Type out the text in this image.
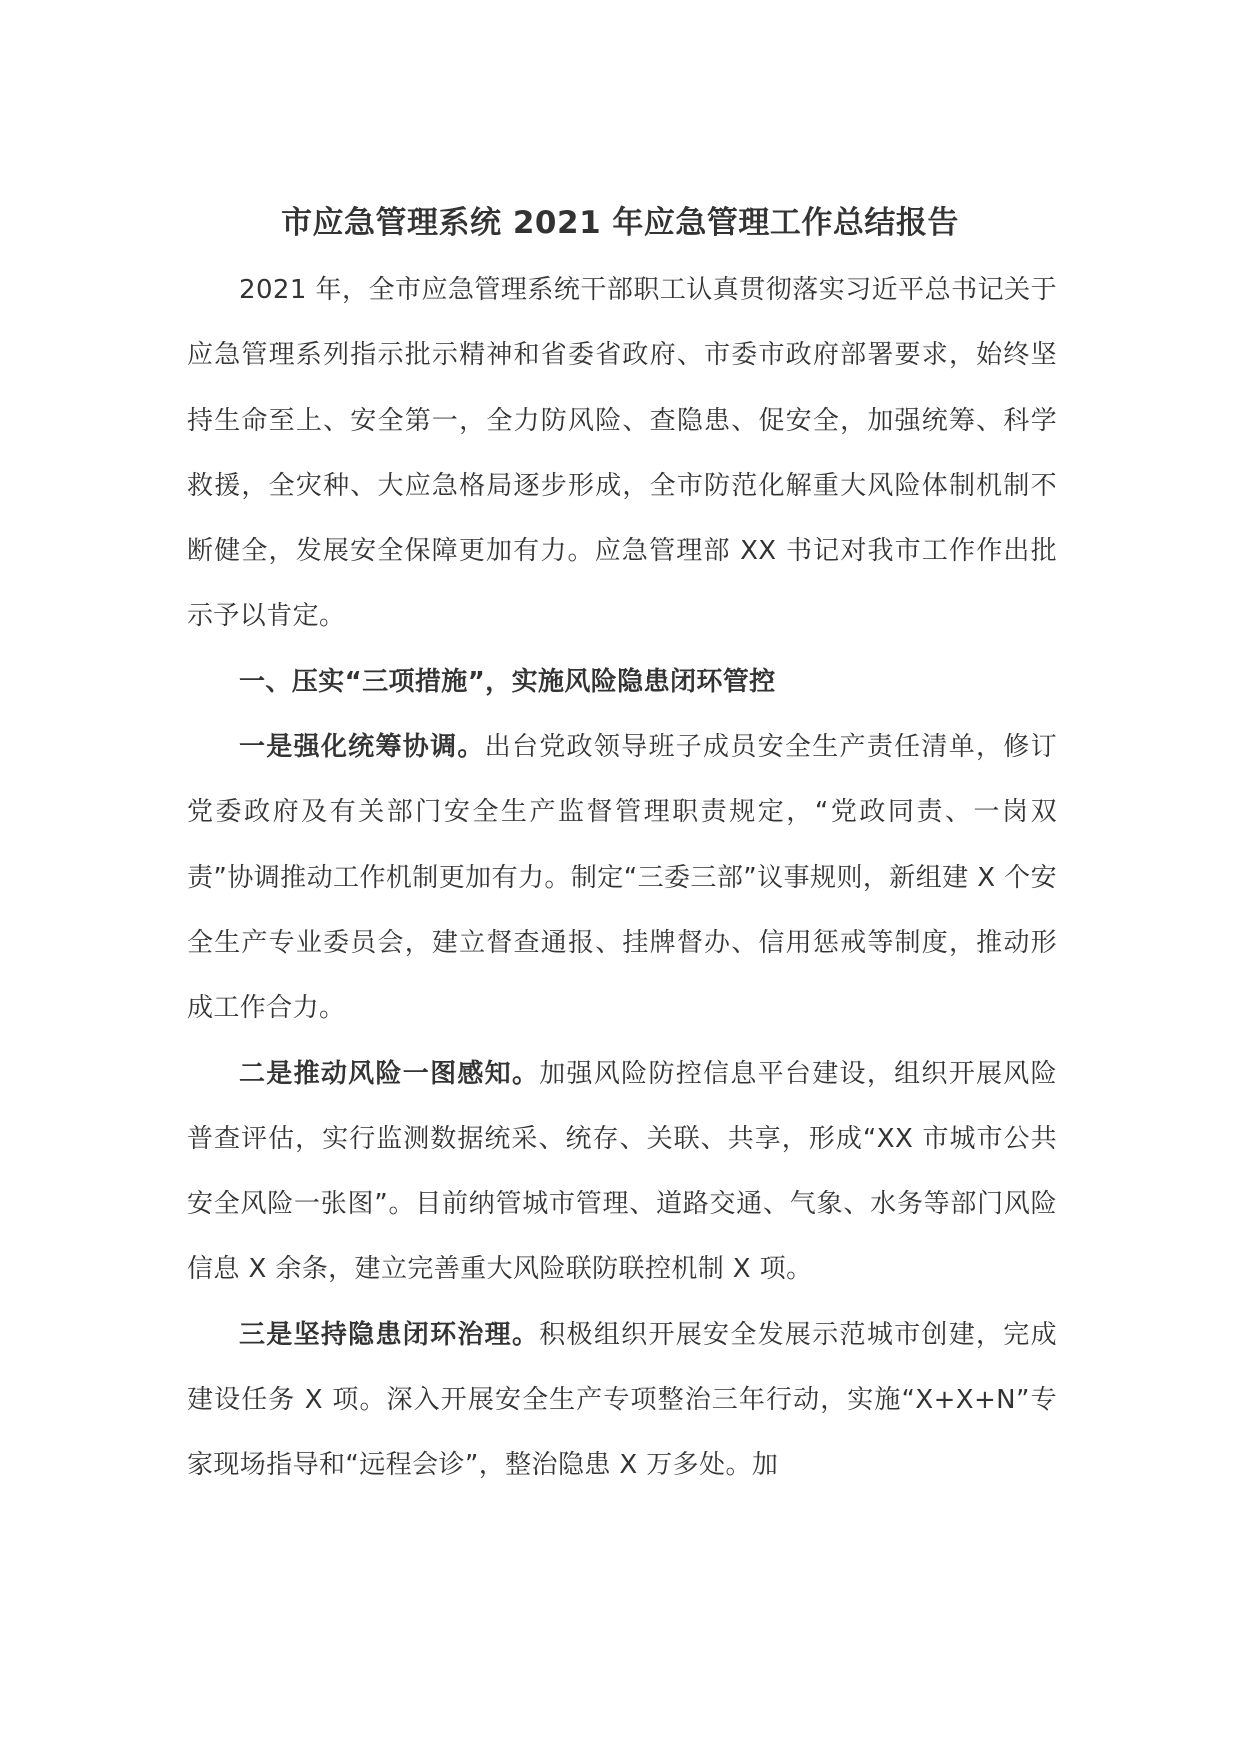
市应急管理系统 2021 年应急管理工作总结报告

2021 年，全市应急管理系统干部职工认真贯彻落实习近平总书记关于应急管理系列指示批示精神和省委省政府、市委市政府部署要求，始终坚持生命至上、安全第一，全力防风险、查隐患、促安全，加强统筹、科学救援，全灾种、大应急格局逐步形成，全市防范化解重大风险体制机制不断健全，发展安全保障更加有力。应急管理部 XX 书记对我市工作作出批示予以肯定。

一、压实“三项措施”，实施风险隐患闭环管控

一是强化统筹协调。出台党政领导班子成员安全生产责任清单，修订党委政府及有关部门安全生产监督管理职责规定，“党政同责、一岗双责”协调推动工作机制更加有力。制定“三委三部”议事规则，新组建 X 个安全生产专业委员会，建立督查通报、挂牌督办、信用惩戒等制度，推动形成工作合力。

二是推动风险一图感知。加强风险防控信息平台建设，组织开展风险普查评估，实行监测数据统采、统存、关联、共享，形成“XX 市城市公共安全风险一张图”。目前纳管城市管理、道路交通、气象、水务等部门风险信息 X 余条，建立完善重大风险联防联控机制 X 项。

三是坚持隐患闭环治理。积极组织开展安全发展示范城市创建，完成建设任务 X 项。深入开展安全生产专项整治三年行动，实施“X+X+N”专家现场指导和“远程会诊”，整治隐患 X 万多处。加
